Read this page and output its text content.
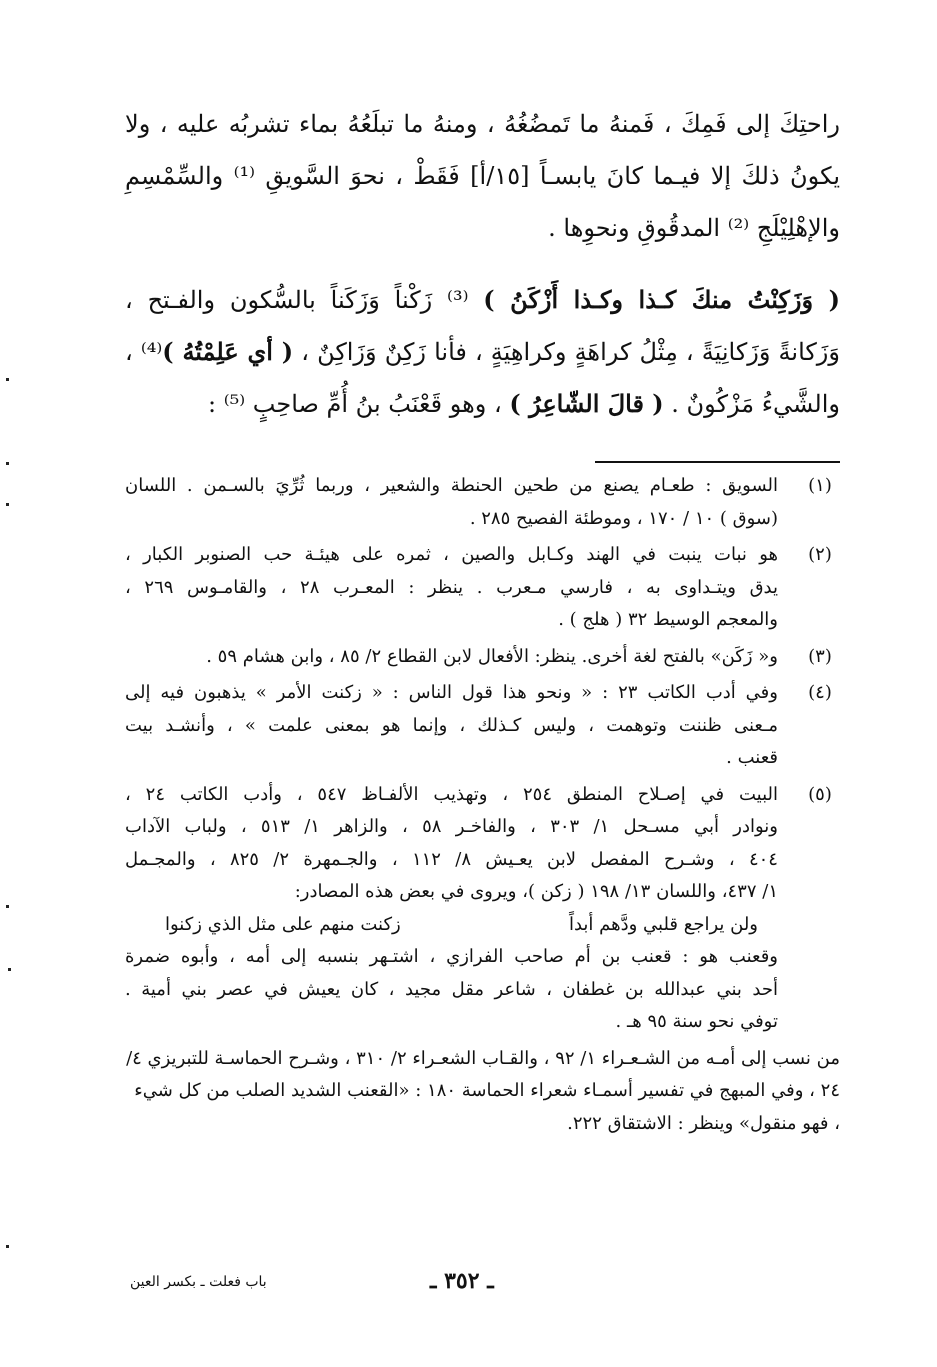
راحتِكَ إلى فَمِكَ ، فَمنهُ ما تَمضُغُهُ ، ومنهُ ما تبلَعُهُ بماء تشربُه عليه ، ولا
يكونُ ذلكَ إلا فيـما كانَ يابسـاً [١٥/أ] فَقَطْ ، نحوَ السَّويقِ ⁽¹⁾ والسِّمْسِمِ
والإهْلِيْلَجِ ⁽²⁾ المدقُوقِ ونحوِها .
( وَزَكِنْتُ منكَ كـذا وكـذا أَزْكَنُ ) ⁽³⁾ زَكْناً وَزَكَناً بالسُّكون والفـتح ،
وَزَكانةً وَزَكانِيَةً ، مِثْلُ كراهَةٍ وكراهِيَةٍ ، فأنا زَكِنٌ وَزَاكِنٌ ، ( أي عَلِمْتُهُ )⁽⁴⁾ ،
والشَّيءُ مَزْكُونٌ . ( قالَ الشّاعِرُ ) ، وهو قَعْنَبُ بنُ أُمِّ صاحِبٍ ⁽⁵⁾ :
(١)
السويق : طعـام يصنع من طحين الحنطة والشعير ، وربما ثُرِّيَ بالسـمن . اللسان
(سوق ) ١٠ / ١٧٠ ، وموطئة الفصيح ٢٨٥ .
(٢)
هو نبات ينبت في الهند وكـابل والصين ، ثمره على هيئـة حب الصنوبر الكبار ،
يدق ويتـداوى به ، فارسي مـعرب . ينظر : المعـرب ٢٨ ، والقامـوس ٢٦٩ ،
والمعجم الوسيط ٣٢ ( هلج ) .
(٣)
و« زَكَن» بالفتح لغة أخرى. ينظر: الأفعال لابن القطاع ٢/ ٨٥ ، وابن هشام ٥٩ .
(٤)
وفي أدب الكاتب ٢٣ : « ونحو هذا قول الناس : « زكنت الأمر » يذهبون فيه إلى
مـعنى ظننت وتوهمت ، وليس كـذلك ، وإنما هو بمعنى علمت » ، وأنشـد بيت
قعنب .
(٥)
البيت في إصـلاح المنطق ٢٥٤ ، وتهذيب الألفـاظ ٥٤٧ ، وأدب الكاتب ٢٤ ،
ونوادر أبي مسـحل ١/ ٣٠٣ ، والفاخـر ٥٨ ، والزاهر ١/ ٥١٣ ، ولباب الآداب
٤٠٤ ، وشـرح المفصل لابن يعـيش ٨/ ١١٢ ، والجـمهرة ٢/ ٨٢٥ ، والمجـمل
١/ ٤٣٧، واللسان ١٣/ ١٩٨ ( زكن )، ويروى في بعض هذه المصادر:
ولن يراجع قلبي ودَّهم أبداً
زكنت منهم على مثل الذي زكنوا
وقعنب هو : قعنب بن أم صاحب الفرازي ، اشتـهر بنسبه إلى أمه ، وأبوه ضمرة
أحد بني عبدالله بن غطفان ، شاعر مقل مجيد ، كان يعيش في عصر بني أمية .
توفي نحو سنة ٩٥ هـ .
من نسب إلى أمـه من الشـعـراء ١/ ٩٢ ، والقـاب الشعـراء ٢/ ٣١٠ ، وشـرح الحماسـة للتبريزي ٤/ ٢٤ ، وفي المبهج في تفسير أسمـاء شعراء الحماسة ١٨٠ : «القعنب الشديد الصلب من كل شيء ، فهو منقول» وينظر : الاشتقاق ٢٢٢.
ـ ٣٥٢ ـ
باب فعلت ـ بكسر العين
